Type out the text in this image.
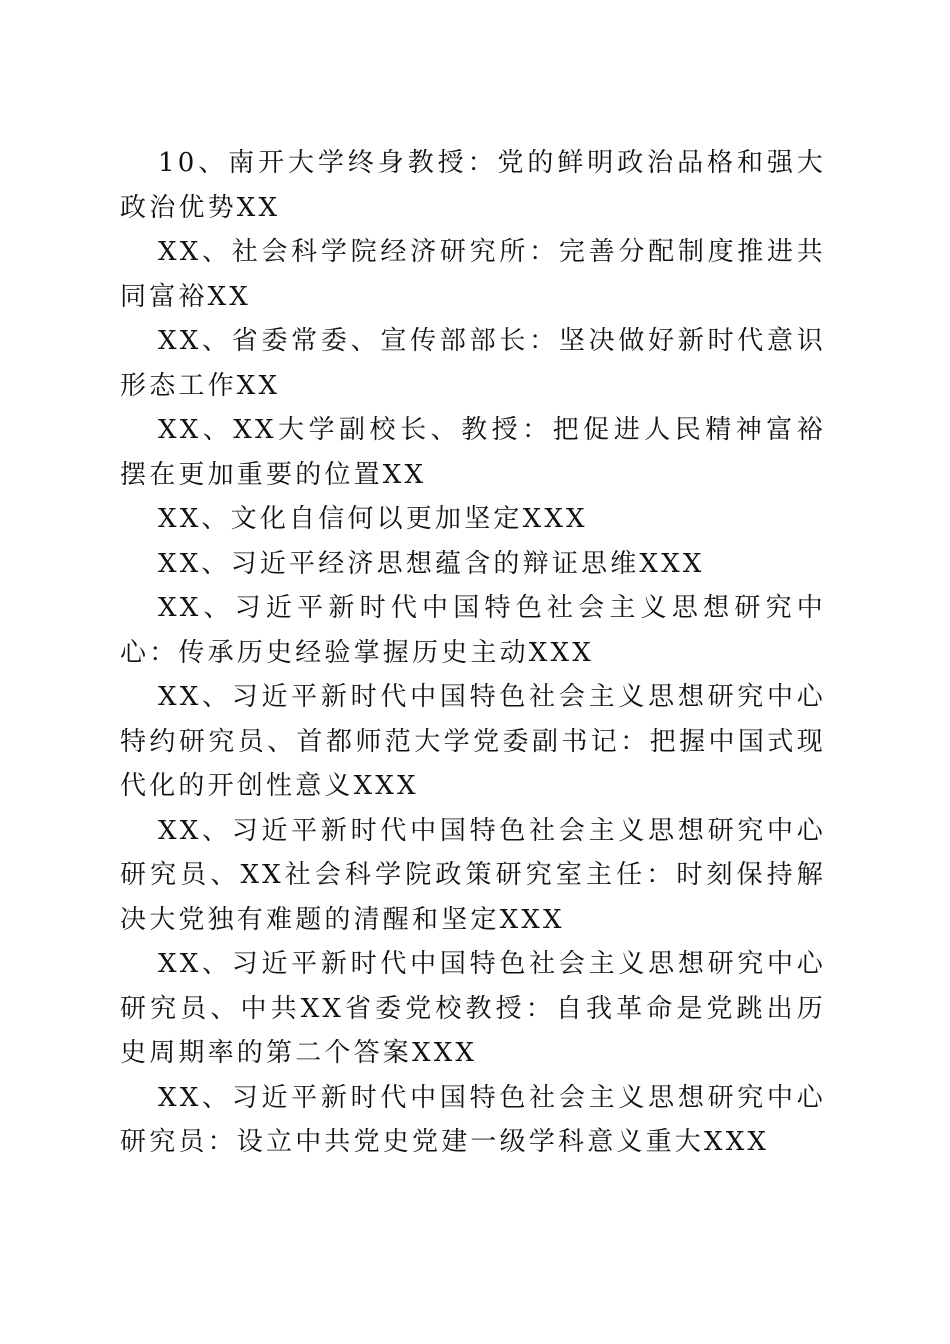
10、南开大学终身教授：党的鲜明政治品格和强大政治优势XX

XX、社会科学院经济研究所：完善分配制度推进共同富裕XX

XX、省委常委、宣传部部长：坚决做好新时代意识形态工作XX

XX、XX大学副校长、教授：把促进人民精神富裕摆在更加重要的位置XX

XX、文化自信何以更加坚定XXX

XX、习近平经济思想蕴含的辩证思维XXX

XX、习近平新时代中国特色社会主义思想研究中心：传承历史经验掌握历史主动XXX

XX、习近平新时代中国特色社会主义思想研究中心特约研究员、首都师范大学党委副书记：把握中国式现代化的开创性意义XXX

XX、习近平新时代中国特色社会主义思想研究中心研究员、XX社会科学院政策研究室主任：时刻保持解决大党独有难题的清醒和坚定XXX

XX、习近平新时代中国特色社会主义思想研究中心研究员、中共XX省委党校教授：自我革命是党跳出历史周期率的第二个答案XXX

XX、习近平新时代中国特色社会主义思想研究中心研究员：设立中共党史党建一级学科意义重大XXX
